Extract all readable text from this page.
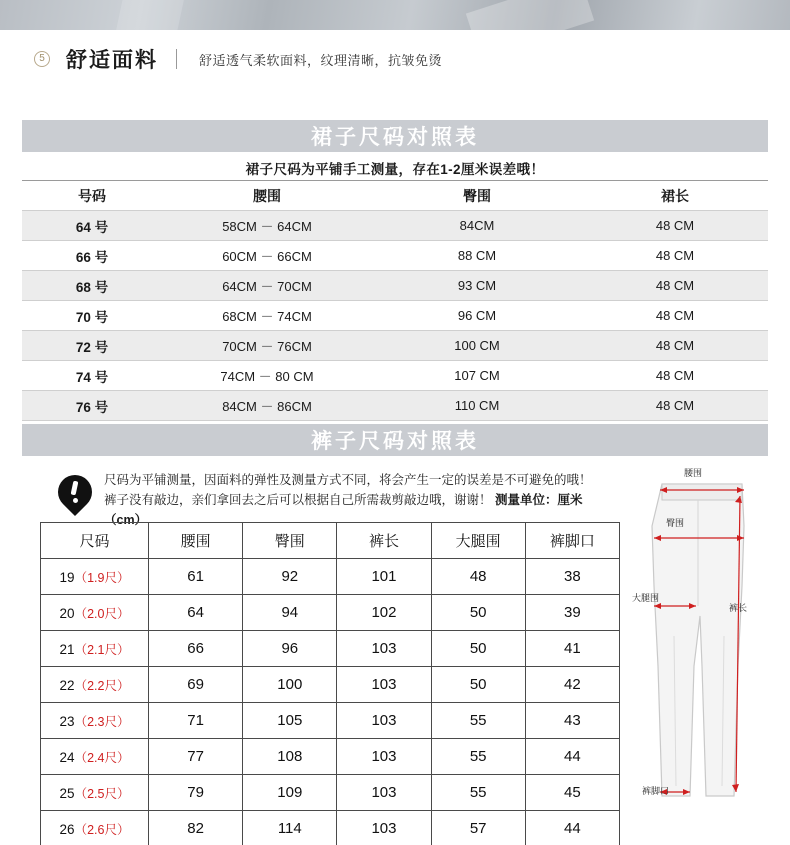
5 舒适面料	舒适透气柔软面料，纹理清晰，抗皱免烫
裙子尺码对照表
裙子尺码为平铺手工测量，存在1-2厘米误差哦！
号码	腰围	臀围	裙长
64 号	58CM － 64CM	84CM	48 CM
66 号	60CM － 66CM	88 CM	48 CM
68 号	64CM － 70CM	93 CM	48 CM
70 号	68CM － 74CM	96 CM	48 CM
72 号	70CM － 76CM	100 CM	48 CM
74 号	74CM － 80 CM	107 CM	48 CM
76 号	84CM － 86CM	110 CM	48 CM
裤子尺码对照表
尺码为平铺测量，因面料的弹性及测量方式不同，将会产生一定的误差是不可避免的哦！
裤子没有敲边，亲们拿回去之后可以根据自己所需裁剪敲边哦，谢谢！ 测量单位：厘米（cm）
尺码	腰围	臀围	裤长	大腿围	裤脚口
19（1.9尺）	61	92	101	48	38
20（2.0尺）	64	94	102	50	39
21（2.1尺）	66	96	103	50	41
22（2.2尺）	69	100	103	50	42
23（2.3尺）	71	105	103	55	43
24（2.4尺）	77	108	103	55	44
25（2.5尺）	79	109	103	55	45
26（2.6尺）	82	114	103	57	44
腰围
臀围
大腿围
裤长
裤脚口
